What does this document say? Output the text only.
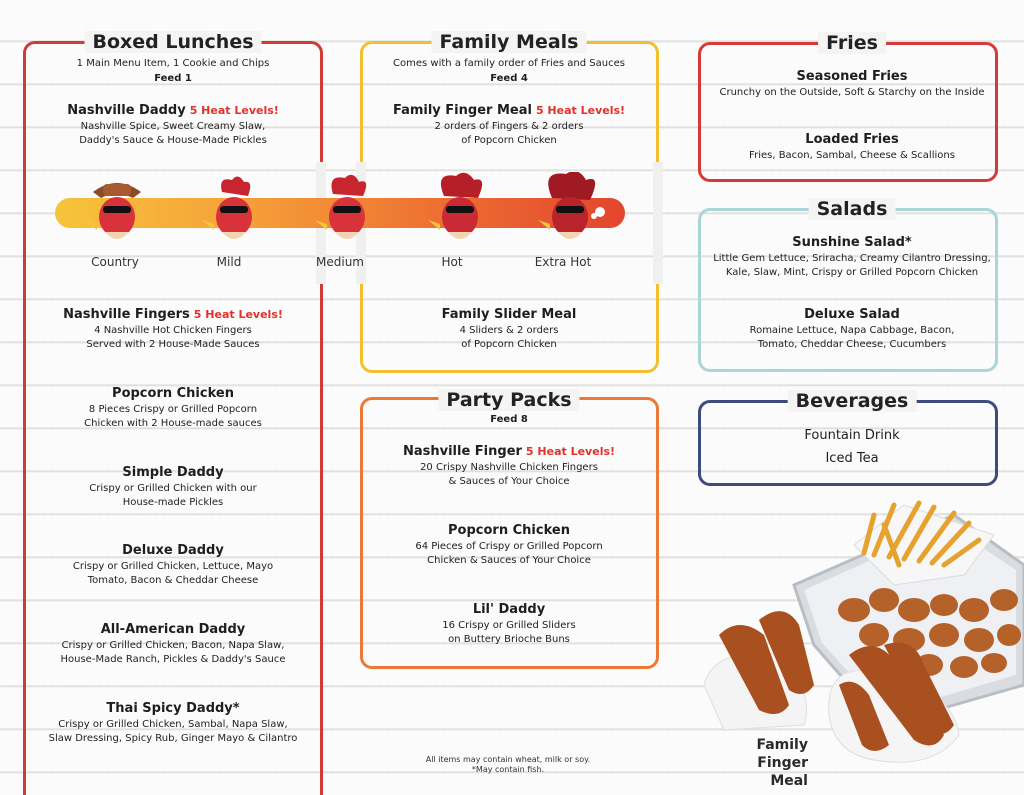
Boxed Lunches
1 Main Menu Item, 1 Cookie and Chips
Feed 1
Nashville Daddy 5 Heat Levels!
Nashville Spice, Sweet Creamy Slaw,
Daddy's Sauce & House-Made Pickles
Nashville Fingers 5 Heat Levels!
4 Nashville Hot Chicken Fingers
Served with 2 House-Made Sauces
Popcorn Chicken
8 Pieces Crispy or Grilled Popcorn
Chicken with 2 House-made sauces
Simple Daddy
Crispy or Grilled Chicken with our
House-made Pickles
Deluxe Daddy
Crispy or Grilled Chicken, Lettuce, Mayo
Tomato, Bacon & Cheddar Cheese
All-American Daddy
Crispy or Grilled Chicken, Bacon, Napa Slaw,
House-Made Ranch, Pickles & Daddy's Sauce
Thai Spicy Daddy*
Crispy or Grilled Chicken, Sambal, Napa Slaw,
Slaw Dressing, Spicy Rub, Ginger Mayo & Cilantro
Family Meals
Comes with a family order of Fries and Sauces
Feed 4
Family Finger Meal 5 Heat Levels!
2 orders of Fingers & 2 orders
of Popcorn Chicken
Family Slider Meal
4 Sliders & 2 orders
of Popcorn Chicken
Country	Mild	Medium	Hot	Extra Hot
Party Packs
Feed 8
Nashville Finger 5 Heat Levels!
20 Crispy Nashville Chicken Fingers
& Sauces of Your Choice
Popcorn Chicken
64 Pieces of Crispy or Grilled Popcorn
Chicken & Sauces of Your Choice
Lil' Daddy
16 Crispy or Grilled Sliders
on Buttery Brioche Buns
Fries
Seasoned Fries
Crunchy on the Outside, Soft & Starchy on the Inside
Loaded Fries
Fries, Bacon, Sambal, Cheese & Scallions
Salads
Sunshine Salad*
Little Gem Lettuce, Sriracha, Creamy Cilantro Dressing,
Kale, Slaw, Mint, Crispy or Grilled Popcorn Chicken
Deluxe Salad
Romaine Lettuce, Napa Cabbage, Bacon,
Tomato, Cheddar Cheese, Cucumbers
Beverages
Fountain Drink
Iced Tea
Family
Finger Meal
All items may contain wheat, milk or soy.
*May contain fish.
